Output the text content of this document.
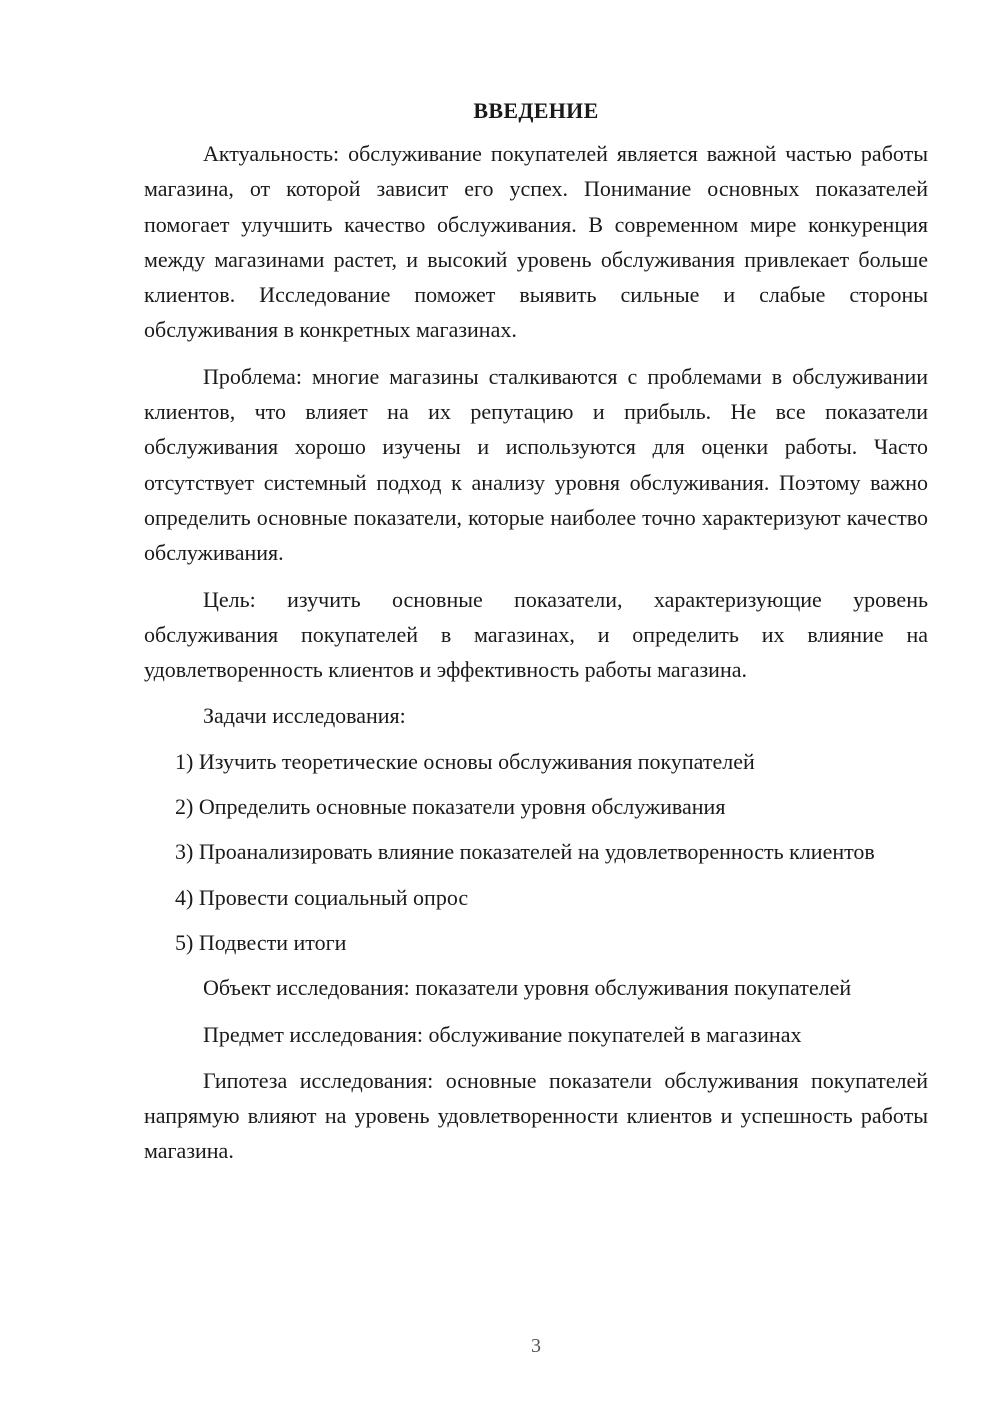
ВВЕДЕНИЕ

Актуальность: обслуживание покупателей является важной частью работы магазина, от которой зависит его успех. Понимание основных показателей помогает улучшить качество обслуживания. В современном мире конкуренция между магазинами растет, и высокий уровень обслуживания привлекает больше клиентов. Исследование поможет выявить сильные и слабые стороны обслуживания в конкретных магазинах.

Проблема: многие магазины сталкиваются с проблемами в обслуживании клиентов, что влияет на их репутацию и прибыль. Не все показатели обслуживания хорошо изучены и используются для оценки работы. Часто отсутствует системный подход к анализу уровня обслуживания. Поэтому важно определить основные показатели, которые наиболее точно характеризуют качество обслуживания.

Цель: изучить основные показатели, характеризующие уровень обслуживания покупателей в магазинах, и определить их влияние на удовлетворенность клиентов и эффективность работы магазина.

Задачи исследования:

1) Изучить теоретические основы обслуживания покупателей

2) Определить основные показатели уровня обслуживания

3) Проанализировать влияние показателей на удовлетворенность клиентов

4) Провести социальный опрос

5) Подвести итоги

Объект исследования: показатели уровня обслуживания покупателей

Предмет исследования: обслуживание покупателей в магазинах

Гипотеза исследования: основные показатели обслуживания покупателей напрямую влияют на уровень удовлетворенности клиентов и успешность работы магазина.

3
